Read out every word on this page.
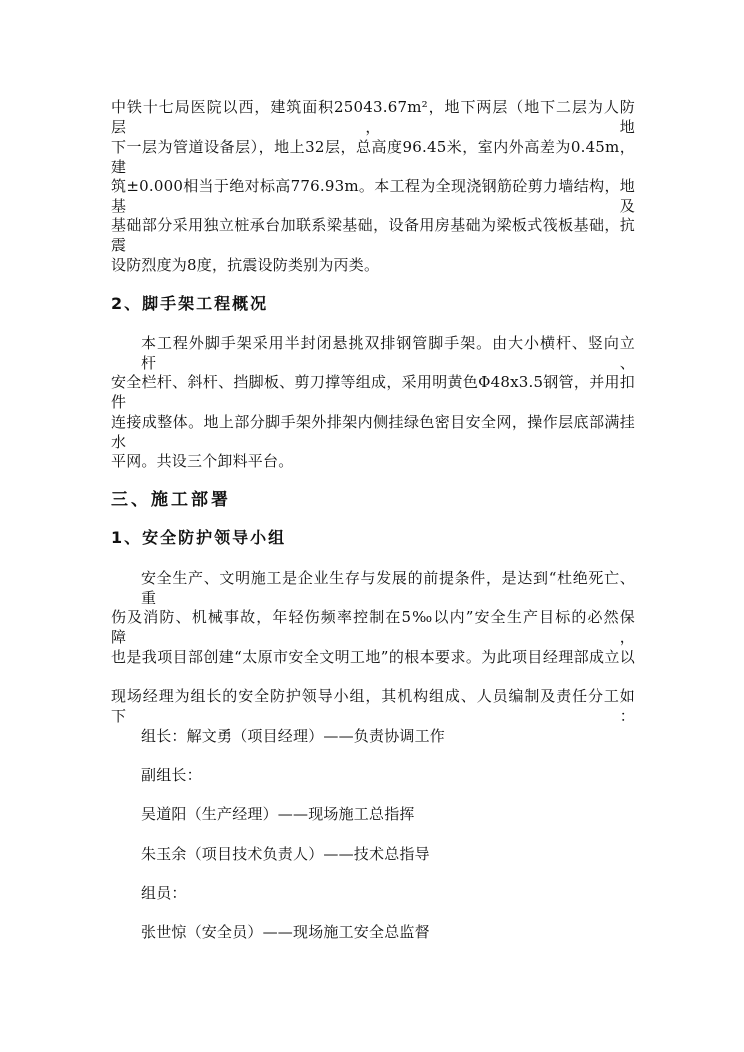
中铁十七局医院以西，建筑面积25043.67m²，地下两层（地下二层为人防层，地
下一层为管道设备层），地上32层，总高度96.45米，室内外高差为0.45m，建
筑±0.000相当于绝对标高776.93m。本工程为全现浇钢筋砼剪力墙结构，地基及
基础部分采用独立桩承台加联系梁基础，设备用房基础为梁板式筏板基础，抗震
设防烈度为8度，抗震设防类别为丙类。
2、脚手架工程概况
本工程外脚手架采用半封闭悬挑双排钢管脚手架。由大小横杆、竖向立杆、
安全栏杆、斜杆、挡脚板、剪刀撑等组成，采用明黄色Φ48x3.5钢管，并用扣件
连接成整体。地上部分脚手架外排架内侧挂绿色密目安全网，操作层底部满挂水
平网。共设三个卸料平台。
三、施工部署
1、安全防护领导小组
安全生产、文明施工是企业生存与发展的前提条件，是达到“杜绝死亡、重
伤及消防、机械事故，年轻伤频率控制在5‰以内”安全生产目标的必然保障，
也是我项目部创建“太原市安全文明工地”的根本要求。为此项目经理部成立以
现场经理为组长的安全防护领导小组，其机构组成、人员编制及责任分工如下：
组长：解文勇（项目经理）——负责协调工作
副组长：
吴道阳（生产经理）——现场施工总指挥
朱玉余（项目技术负责人）——技术总指导
组员：
张世惊（安全员）——现场施工安全总监督
